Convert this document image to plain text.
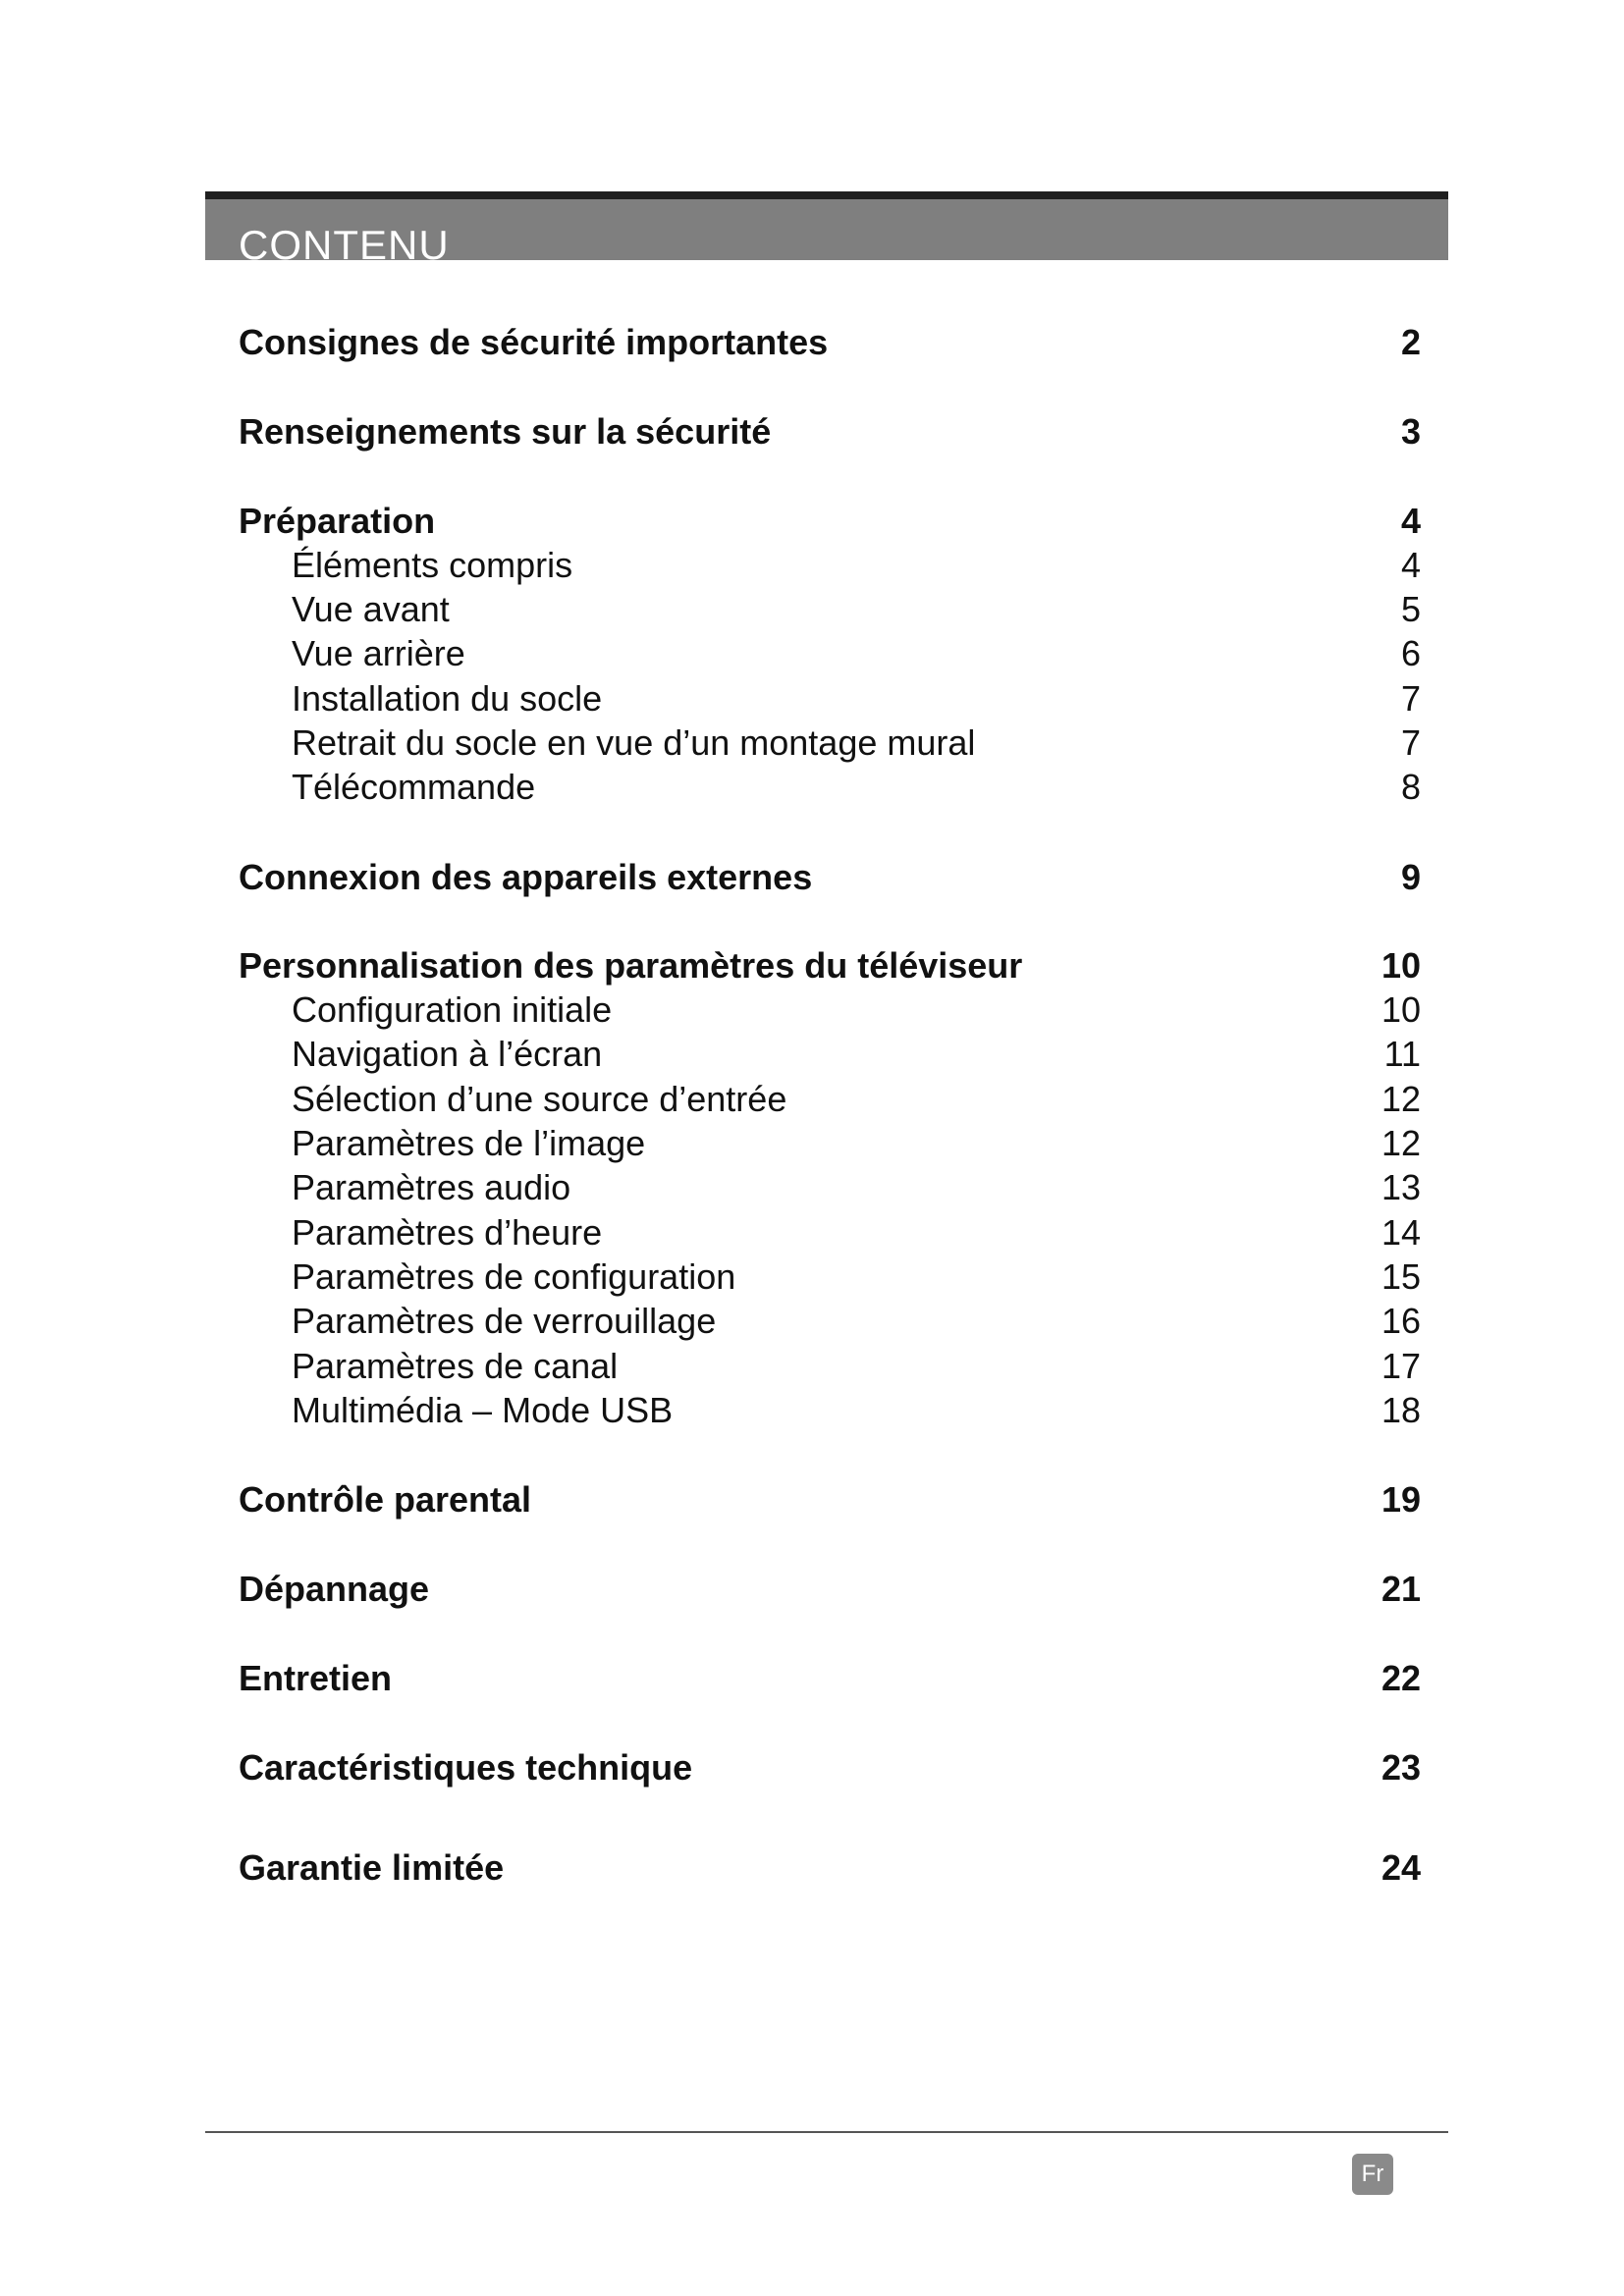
CONTENU
Consignes de sécurité importantes	2
Renseignements sur la sécurité	3
Préparation	4
Éléments compris	4
Vue avant	5
Vue arrière	6
Installation du socle	7
Retrait du socle en vue d’un montage mural	7
Télécommande	8
Connexion des appareils externes	9
Personnalisation des paramètres du téléviseur	10
Configuration initiale	10
Navigation à l’écran	11
Sélection d’une source d’entrée	12
Paramètres de l’image	12
Paramètres audio	13
Paramètres d’heure	14
Paramètres de configuration	15
Paramètres de verrouillage	16
Paramètres de canal	17
Multimédia – Mode USB	18
Contrôle parental	19
Dépannage	21
Entretien	22
Caractéristiques technique	23
Garantie limitée	24
Fr
